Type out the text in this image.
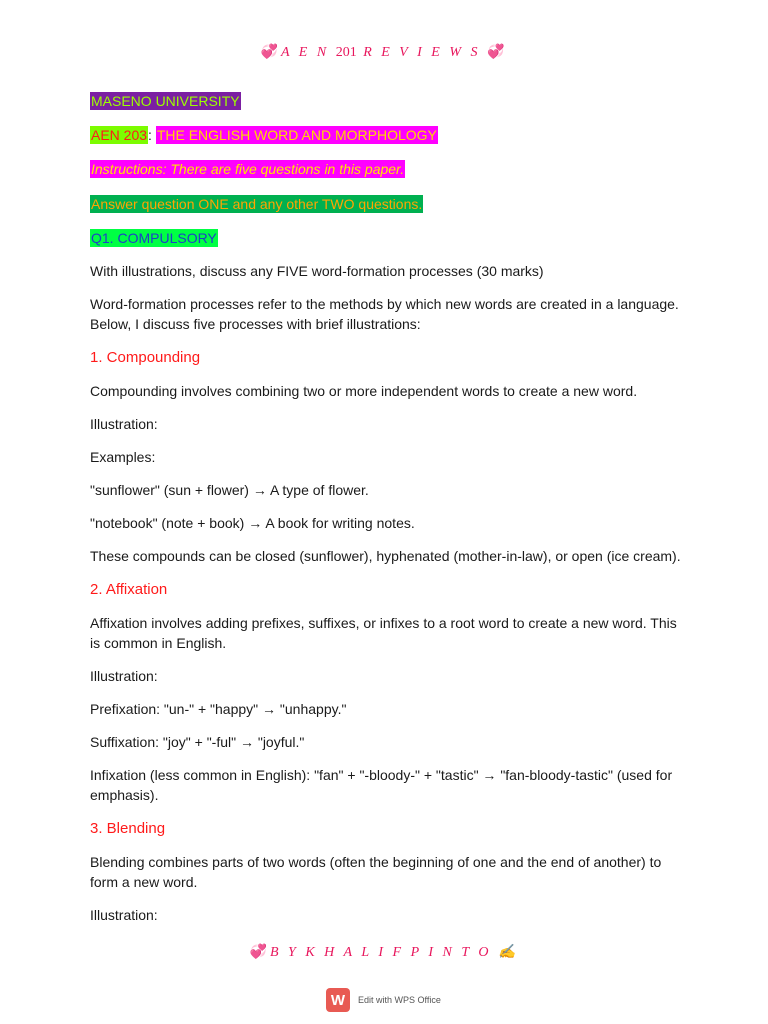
💞A E N 201 R E V I E W S 💞
MASENO UNIVERSITY
AEN 203: THE ENGLISH WORD AND MORPHOLOGY
Instructions: There are five questions in this paper.
Answer question ONE and any other TWO questions.
Q1. COMPULSORY
With illustrations, discuss any FIVE word-formation processes (30 marks)
Word-formation processes refer to the methods by which new words are created in a language.
Below, I discuss five processes with brief illustrations:
1. Compounding
Compounding involves combining two or more independent words to create a new word.
Illustration:
Examples:
"sunflower" (sun + flower) → A type of flower.
"notebook" (note + book) → A book for writing notes.
These compounds can be closed (sunflower), hyphenated (mother-in-law), or open (ice cream).
2. Affixation
Affixation involves adding prefixes, suffixes, or infixes to a root word to create a new word. This
is common in English.
Illustration:
Prefixation: "un-" + "happy" → "unhappy."
Suffixation: "joy" + "-ful" → "joyful."
Infixation (less common in English): "fan" + "-bloody-" + "tastic" → "fan-bloody-tastic" (used for
emphasis).
3. Blending
Blending combines parts of two words (often the beginning of one and the end of another) to
form a new word.
Illustration:
💞B Y K H A L I F P I N T O ✍
W	Edit with WPS Office
